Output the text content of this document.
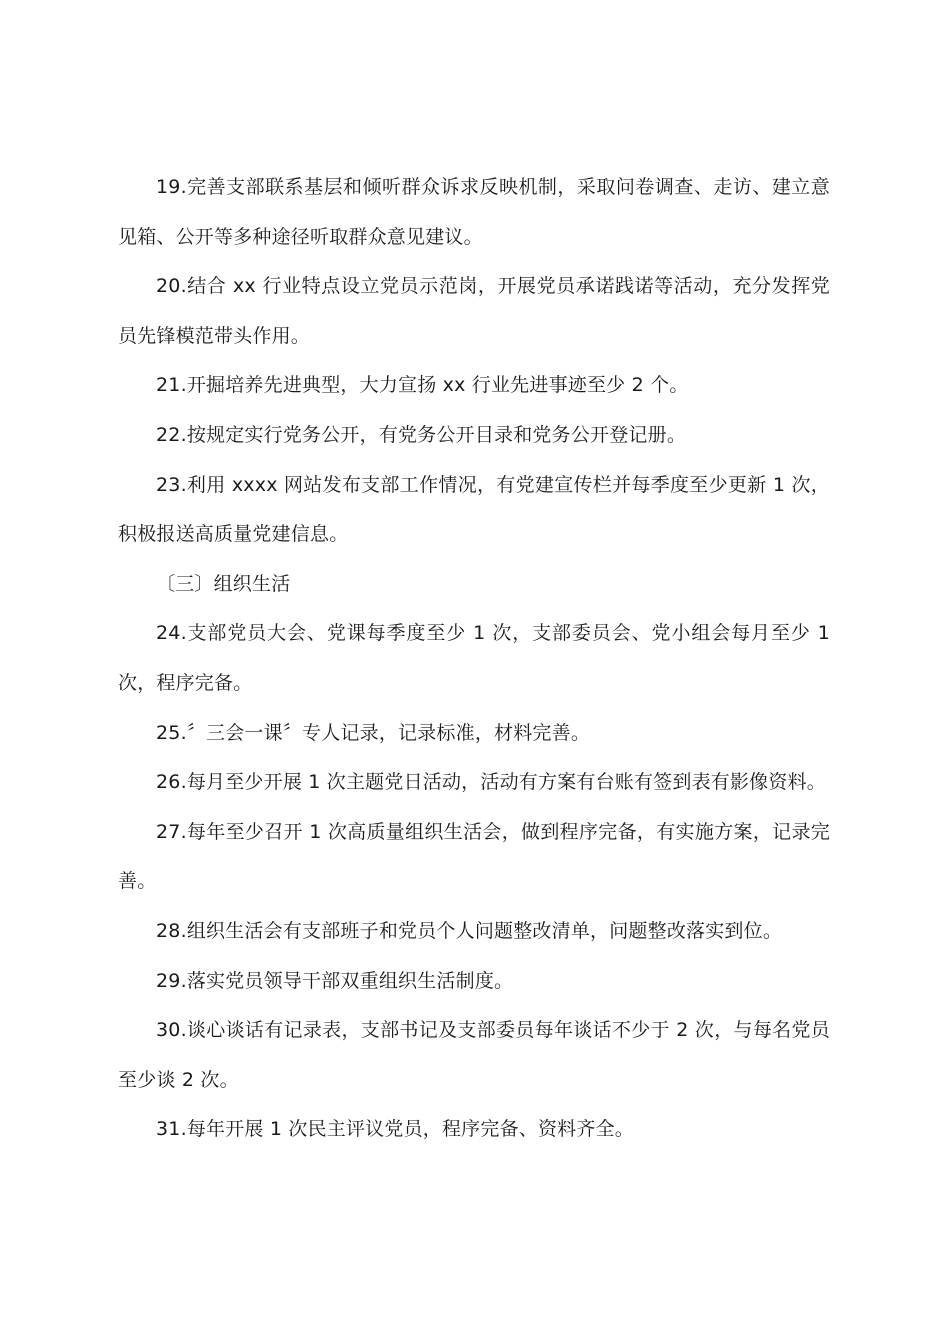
19.完善支部联系基层和倾听群众诉求反映机制，采取问卷调查、走访、建立意见箱、公开等多种途径听取群众意见建议。

20.结合 xx 行业特点设立党员示范岗，开展党员承诺践诺等活动，充分发挥党员先锋模范带头作用。

21.开掘培养先进典型，大力宣扬 xx 行业先进事迹至少 2 个。

22.按规定实行党务公开，有党务公开目录和党务公开登记册。

23.利用 xxxx 网站发布支部工作情况，有党建宣传栏并每季度至少更新 1 次，积极报送高质量党建信息。

〔三〕组织生活

24.支部党员大会、党课每季度至少 1 次，支部委员会、党小组会每月至少 1 次，程序完备。

25.〞三会一课〞专人记录，记录标准，材料完善。

26.每月至少开展 1 次主题党日活动，活动有方案有台账有签到表有影像资料。

27.每年至少召开 1 次高质量组织生活会，做到程序完备，有实施方案，记录完善。

28.组织生活会有支部班子和党员个人问题整改清单，问题整改落实到位。

29.落实党员领导干部双重组织生活制度。

30.谈心谈话有记录表，支部书记及支部委员每年谈话不少于 2 次，与每名党员至少谈 2 次。

31.每年开展 1 次民主评议党员，程序完备、资料齐全。
